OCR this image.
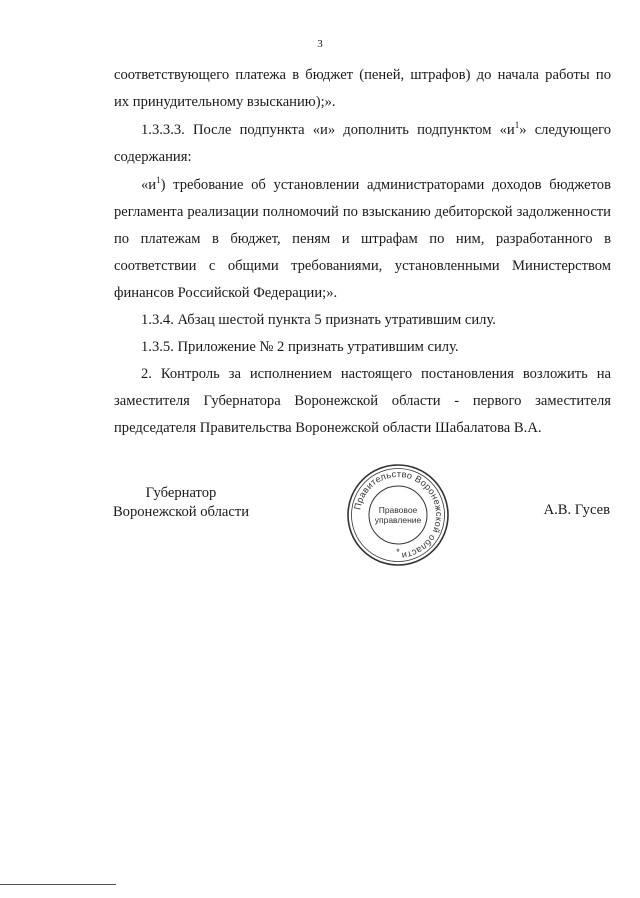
3

соответствующего платежа в бюджет (пеней, штрафов) до начала работы по

их принудительному взысканию);».

1.3.3.3. После подпункта «и» дополнить подпунктом «$и^1$» следующего содержания:

«$и^1$) требование об установлении администраторами доходов бюджетов регламента реализации полномочий по взысканию дебиторской задолженности по платежам в бюджет, пеням и штрафам по ним, разработанного в соответствии с общими требованиями, установленными Министерством финансов Российской Федерации;».

1.3.4. Абзац шестой пункта 5 признать утратившим силу.

1.3.5. Приложение № 2 признать утратившим силу.

2. Контроль за исполнением настоящего постановления возложить на заместителя Губернатора Воронежской области - первого заместителя председателя Правительства Воронежской области Шабалатова В.А.

Губернатор
Воронежской области	Правительство Воронежской области
Правовое
управление
*
А.В. Гусев
